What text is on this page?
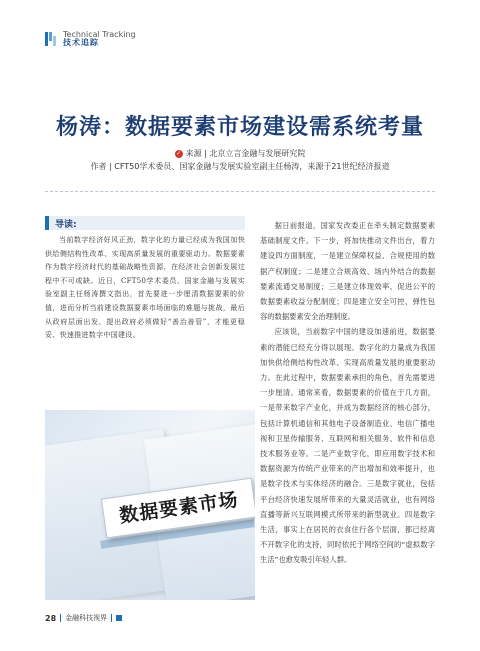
Technical Tracking
技术追踪
杨涛：数据要素市场建设需系统考量
✓ 来源 | 北京立言金融与发展研究院
作者 | CFT50学术委员、国家金融与发展实验室副主任杨涛，来源于21世纪经济报道
导读 :
当前数字经济好风正劲，数字化的力量已经成为我国加快供给侧结构性改革、实现高质量发展的重要驱动力。数据要素作为数字经济时代的基础战略性资源，在经济社会创新发展过程中不可或缺。近日，CFT50学术委员、国家金融与发展实验室副主任杨涛撰文指出，首先要进一步厘清数据要素的价值，进而分析当前建设数据要素市场面临的难题与挑战，最后从政府层面出发，提出政府必须做好“善治善管”，才能更稳妥、快速推进数字中国建设。
数据要素市场

据日前报道，国家发改委正在牵头制定数据要素基础制度文件。下一步，将加快推动文件出台，着力建设四方面制度，一是建立保障权益、合规使用的数据产权制度；二是建立合规高效、场内外结合的数据要素流通交易制度；三是建立体现效率、促进公平的数据要素收益分配制度；四是建立安全可控、弹性包容的数据要素安全治理制度。

应该说，当前数字中国的建设加速前进，数据要素的潜能已经充分得以展现。数字化的力量成为我国加快供给侧结构性改革、实现高质量发展的重要驱动力。在此过程中，数据要素承担的角色，首先需要进一步厘清。通常来看，数据要素的价值在于几方面，一是带来数字产业化，并成为数据经济的核心部分，包括计算机通信和其他电子设备制造业、电信广播电视和卫星传输服务、互联网和相关服务、软件和信息技术服务业等。二是产业数字化，即应用数字技术和数据资源为传统产业带来的产出增加和效率提升，也是数字技术与实体经济的融合。三是数字就业，包括平台经济快速发展所带来的大量灵活就业，也有网络直播等新兴互联网模式所带来的新型就业。四是数字生活，事实上在居民的衣食住行各个层面，都已经离不开数字化的支持，同时依托于网络空间的“虚拟数字生活”也愈发吸引年轻人群。

28 金融科技视界
